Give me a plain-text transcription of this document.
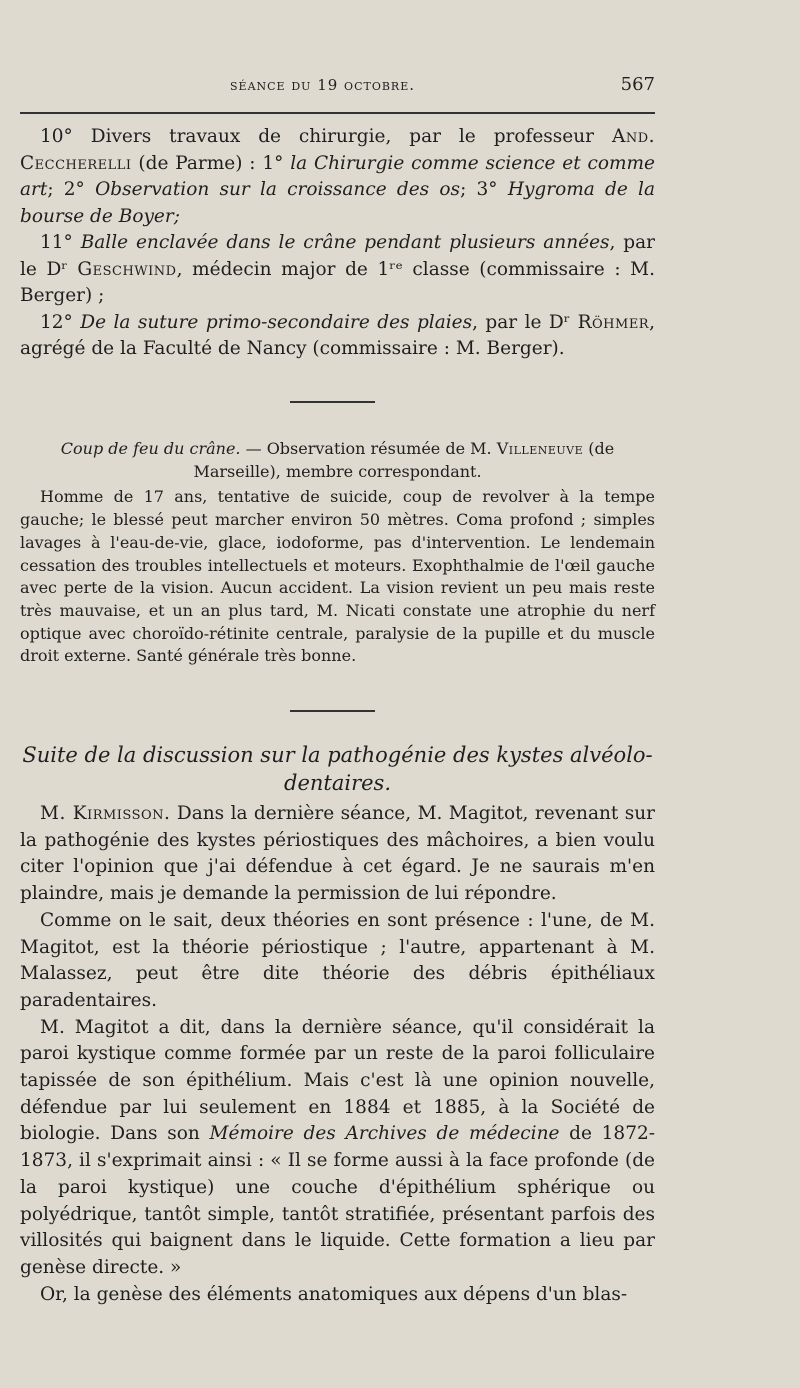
séance du 19 octobre.	567

10° Divers travaux de chirurgie, par le professeur And. Ceccherelli (de Parme) : 1° la Chirurgie comme science et comme art; 2° Observation sur la croissance des os; 3° Hygroma de la bourse de Boyer;

11° Balle enclavée dans le crâne pendant plusieurs années, par le Dʳ Geschwind, médecin major de 1ʳᵉ classe (commissaire : M. Berger) ;

12° De la suture primo-secondaire des plaies, par le Dʳ Röhmer, agrégé de la Faculté de Nancy (commissaire : M. Berger).

Coup de feu du crâne. — Observation résumée de M. Villeneuve (de Marseille), membre correspondant.

Homme de 17 ans, tentative de suicide, coup de revolver à la tempe gauche; le blessé peut marcher environ 50 mètres. Coma profond ; simples lavages à l'eau-de-vie, glace, iodoforme, pas d'intervention. Le lendemain cessation des troubles intellectuels et moteurs. Exophthalmie de l'œil gauche avec perte de la vision. Aucun accident. La vision revient un peu mais reste très mauvaise, et un an plus tard, M. Nicati constate une atrophie du nerf optique avec choroïdo-rétinite centrale, paralysie de la pupille et du muscle droit externe. Santé générale très bonne.

Suite de la discussion sur la pathogénie des kystes alvéolo-dentaires.

M. Kirmisson. Dans la dernière séance, M. Magitot, revenant sur la pathogénie des kystes périostiques des mâchoires, a bien voulu citer l'opinion que j'ai défendue à cet égard. Je ne saurais m'en plaindre, mais je demande la permission de lui répondre.

Comme on le sait, deux théories en sont présence : l'une, de M. Magitot, est la théorie périostique ; l'autre, appartenant à M. Malassez, peut être dite théorie des débris épithéliaux paradentaires.

M. Magitot a dit, dans la dernière séance, qu'il considérait la paroi kystique comme formée par un reste de la paroi folliculaire tapissée de son épithélium. Mais c'est là une opinion nouvelle, défendue par lui seulement en 1884 et 1885, à la Société de biologie. Dans son Mémoire des Archives de médecine de 1872-1873, il s'exprimait ainsi : « Il se forme aussi à la face profonde (de la paroi kystique) une couche d'épithélium sphérique ou polyédrique, tantôt simple, tantôt stratifiée, présentant parfois des villosités qui baignent dans le liquide. Cette formation a lieu par genèse directe. »

Or, la genèse des éléments anatomiques aux dépens d'un blas-
